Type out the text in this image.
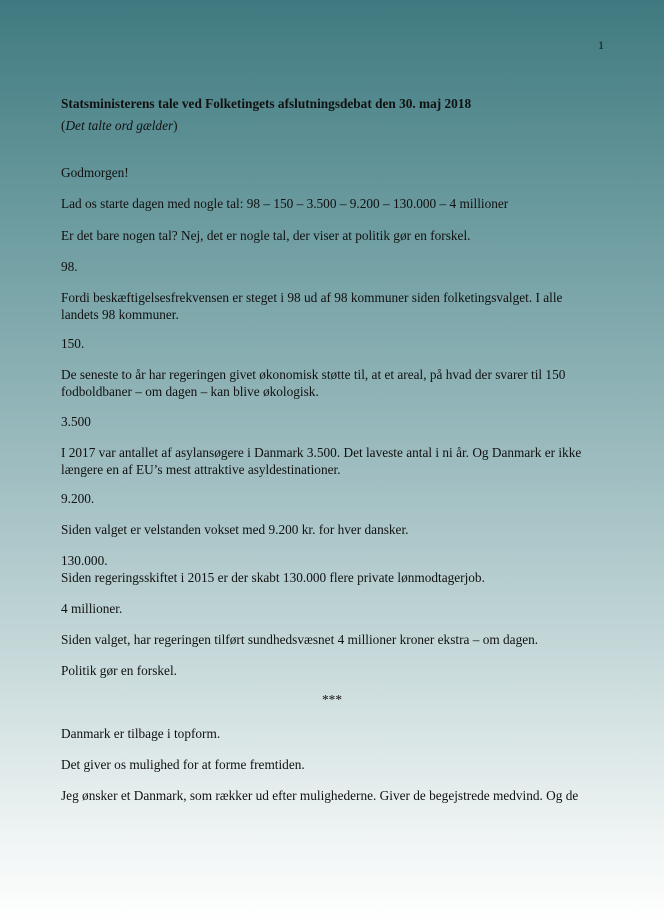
1

Statsministerens tale ved Folketingets afslutningsdebat den 30. maj 2018

(Det talte ord gælder)

Godmorgen!

Lad os starte dagen med nogle tal: 98 – 150 – 3.500 – 9.200 – 130.000 – 4 millioner

Er det bare nogen tal? Nej, det er nogle tal, der viser at politik gør en forskel.

98.

Fordi beskæftigelsesfrekvensen er steget i 98 ud af 98 kommuner siden folketingsvalget. I alle

landets 98 kommuner.

150.

De seneste to år har regeringen givet økonomisk støtte til, at et areal, på hvad der svarer til 150

fodboldbaner – om dagen – kan blive økologisk.

3.500

I 2017 var antallet af asylansøgere i Danmark 3.500. Det laveste antal i ni år. Og Danmark er ikke

længere en af EU’s mest attraktive asyldestinationer.

9.200.

Siden valget er velstanden vokset med 9.200 kr. for hver dansker.

130.000.

Siden regeringsskiftet i 2015 er der skabt 130.000 flere private lønmodtagerjob.

4 millioner.

Siden valget, har regeringen tilført sundhedsvæsnet 4 millioner kroner ekstra – om dagen.

Politik gør en forskel.

***

Danmark er tilbage i topform.

Det giver os mulighed for at forme fremtiden.

Jeg ønsker et Danmark, som rækker ud efter mulighederne. Giver de begejstrede medvind. Og de
